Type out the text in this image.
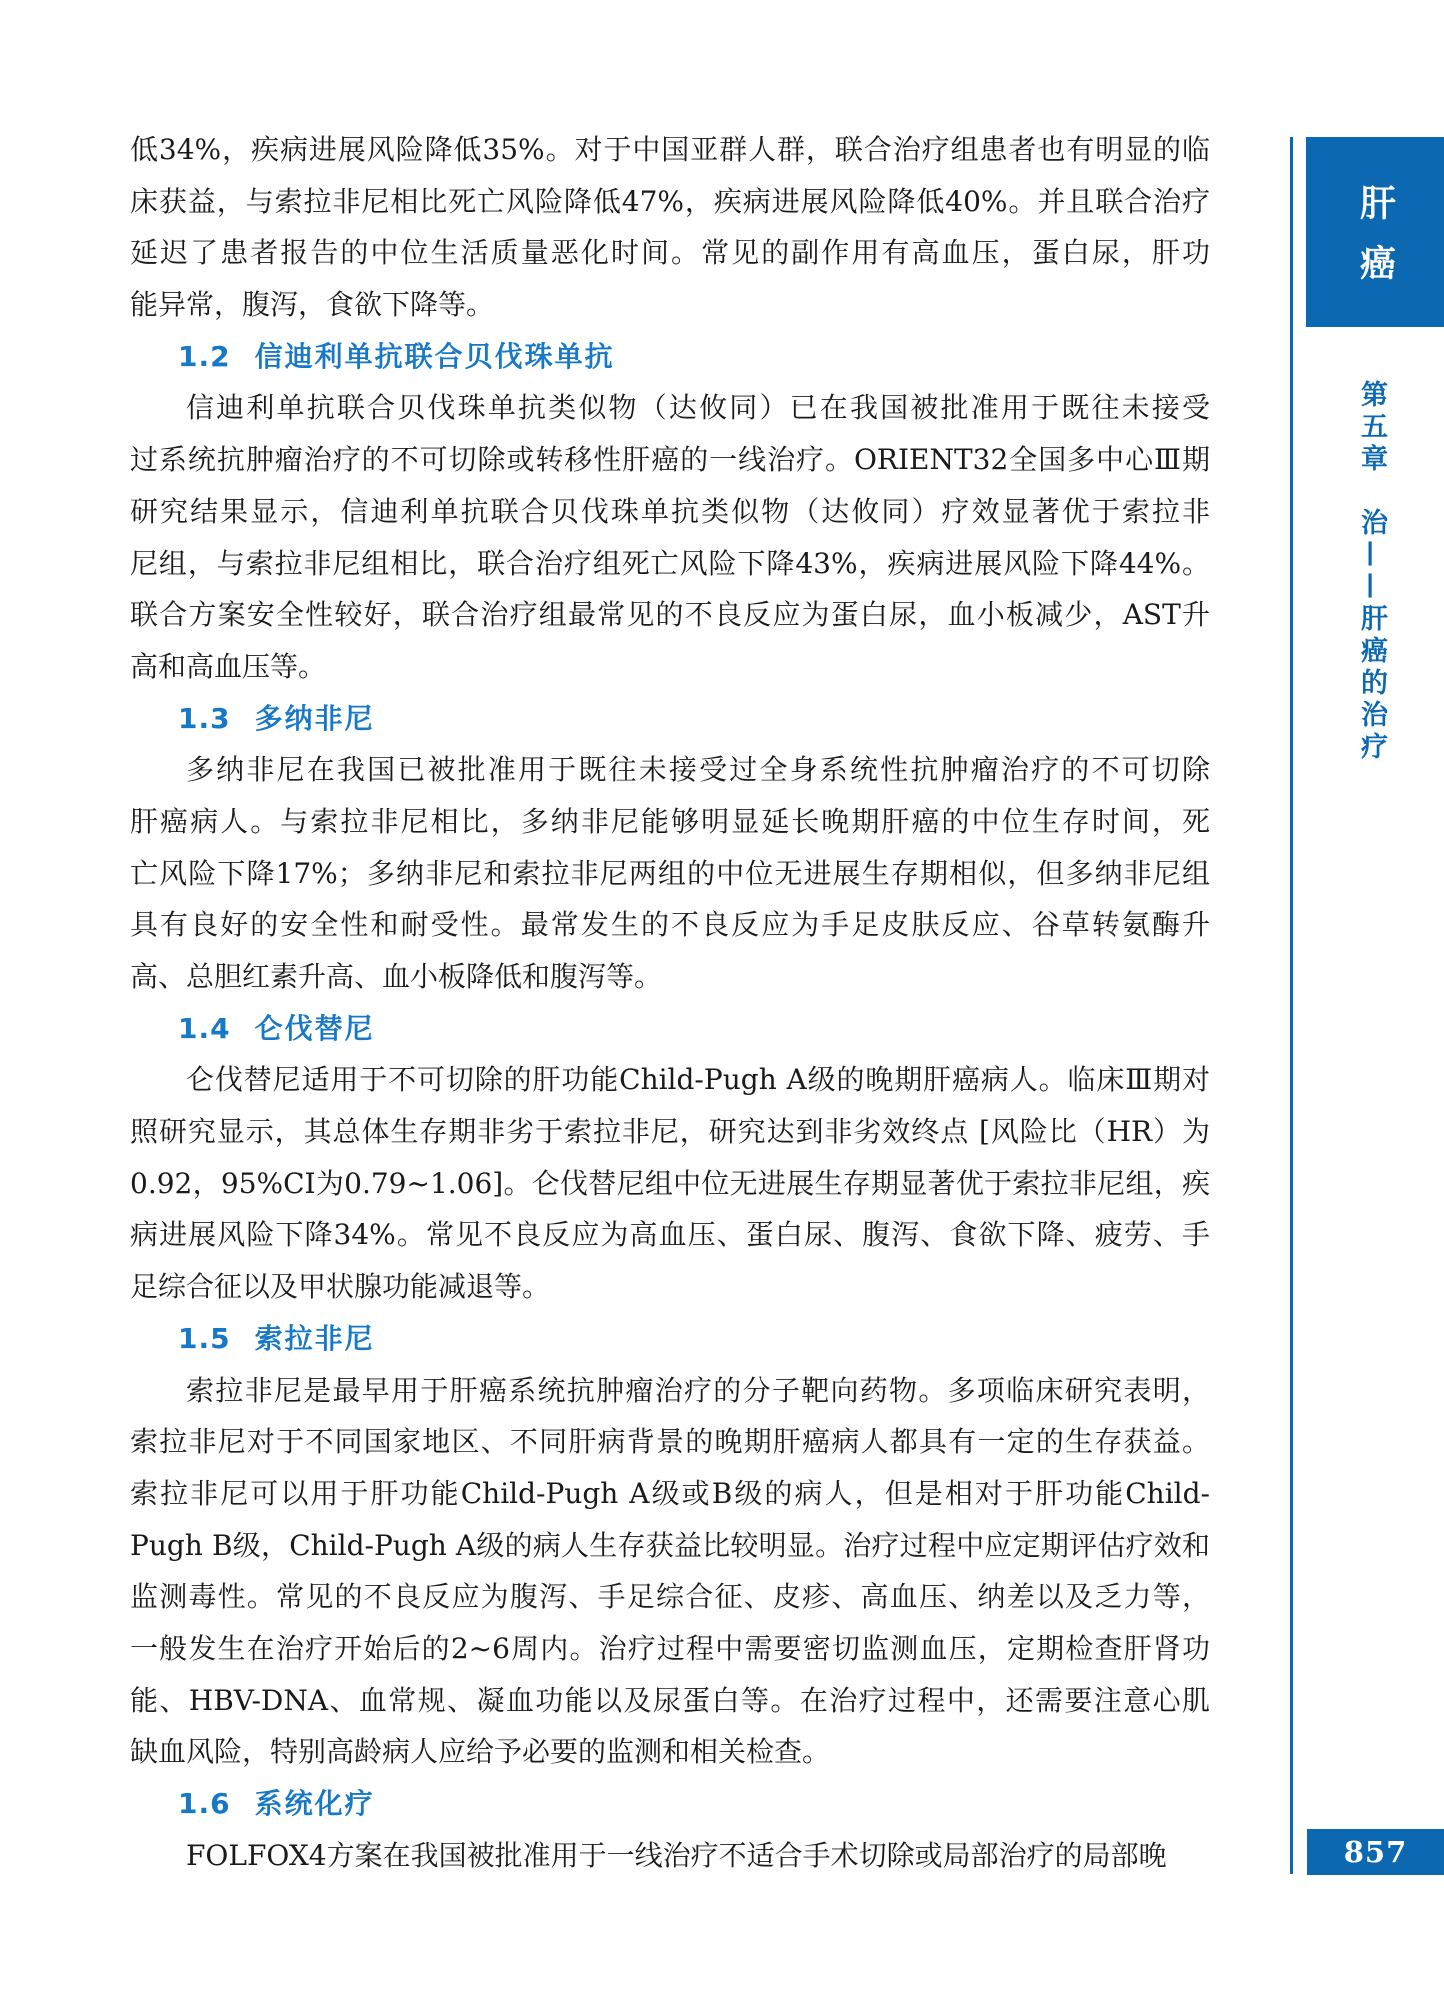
低34%，疾病进展风险降低35%。对于中国亚群人群，联合治疗组患者也有明显的临
床获益，与索拉非尼相比死亡风险降低47%，疾病进展风险降低40%。并且联合治疗
延迟了患者报告的中位生活质量恶化时间。常见的副作用有高血压，蛋白尿，肝功
能异常，腹泻，食欲下降等。
1.2 信迪利单抗联合贝伐珠单抗
信迪利单抗联合贝伐珠单抗类似物（达攸同）已在我国被批准用于既往未接受
过系统抗肿瘤治疗的不可切除或转移性肝癌的一线治疗。ORIENT32全国多中心Ⅲ期
研究结果显示，信迪利单抗联合贝伐珠单抗类似物（达攸同）疗效显著优于索拉非
尼组，与索拉非尼组相比，联合治疗组死亡风险下降43%，疾病进展风险下降44%。
联合方案安全性较好，联合治疗组最常见的不良反应为蛋白尿，血小板减少，AST升
高和高血压等。
1.3 多纳非尼
多纳非尼在我国已被批准用于既往未接受过全身系统性抗肿瘤治疗的不可切除
肝癌病人。与索拉非尼相比，多纳非尼能够明显延长晚期肝癌的中位生存时间，死
亡风险下降17%；多纳非尼和索拉非尼两组的中位无进展生存期相似，但多纳非尼组
具有良好的安全性和耐受性。最常发生的不良反应为手足皮肤反应、谷草转氨酶升
高、总胆红素升高、血小板降低和腹泻等。
1.4 仑伐替尼
仑伐替尼适用于不可切除的肝功能Child-Pugh A级的晚期肝癌病人。临床Ⅲ期对
照研究显示，其总体生存期非劣于索拉非尼，研究达到非劣效终点 [风险比（HR）为
0.92，95%CI为0.79~1.06]。仑伐替尼组中位无进展生存期显著优于索拉非尼组，疾
病进展风险下降34%。常见不良反应为高血压、蛋白尿、腹泻、食欲下降、疲劳、手
足综合征以及甲状腺功能减退等。
1.5 索拉非尼
索拉非尼是最早用于肝癌系统抗肿瘤治疗的分子靶向药物。多项临床研究表明，
索拉非尼对于不同国家地区、不同肝病背景的晚期肝癌病人都具有一定的生存获益。
索拉非尼可以用于肝功能Child-Pugh A级或B级的病人，但是相对于肝功能Child-
Pugh B级，Child-Pugh A级的病人生存获益比较明显。治疗过程中应定期评估疗效和
监测毒性。常见的不良反应为腹泻、手足综合征、皮疹、高血压、纳差以及乏力等，
一般发生在治疗开始后的2~6周内。治疗过程中需要密切监测血压，定期检查肝肾功
能、HBV-DNA、血常规、凝血功能以及尿蛋白等。在治疗过程中，还需要注意心肌
缺血风险，特别高龄病人应给予必要的监测和相关检查。
1.6 系统化疗
FOLFOX4方案在我国被批准用于一线治疗不适合手术切除或局部治疗的局部晚
肝癌
第五章　治——肝癌的治疗
857
